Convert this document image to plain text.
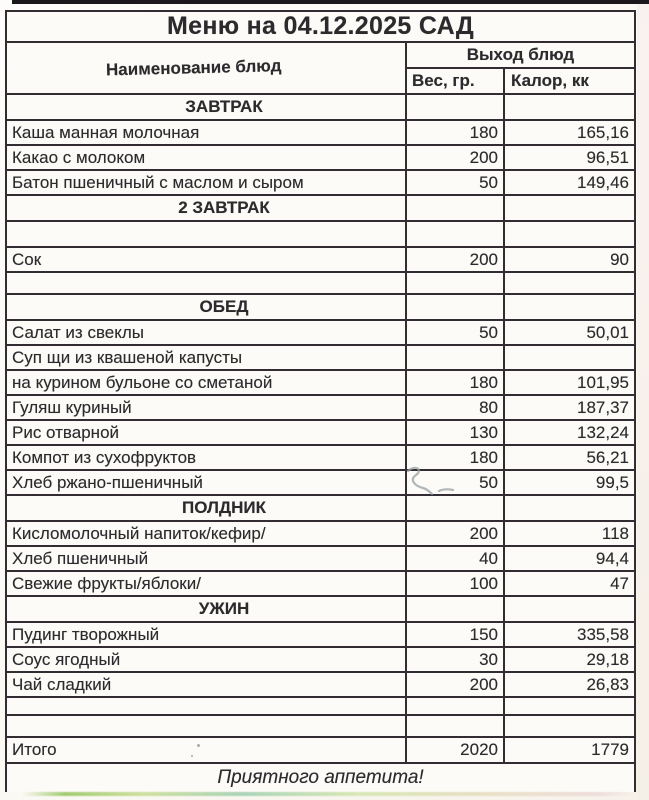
Меню на 04.12.2025 САД
Наименование блюд
Выход блюд
Вес, гр.	Калор, кк
ЗАВТРАК
Каша манная молочная	180	165,16
Какао с молоком	200	96,51
Батон пшеничный с маслом и сыром	50	149,46
2 ЗАВТРАК
Сок	200	90
ОБЕД
Салат из свеклы	50	50,01
Суп щи из квашеной капусты
на курином бульоне со сметаной	180	101,95
Гуляш куриный	80	187,37
Рис отварной	130	132,24
Компот из сухофруктов	180	56,21
Хлеб ржано-пшеничный	50	99,5
ПОЛДНИК
Кисломолочный напиток/кефир/	200	118
Хлеб пшеничный	40	94,4
Свежие фрукты/яблоки/	100	47
УЖИН
Пудинг творожный	150	335,58
Соус ягодный	30	29,18
Чай сладкий	200	26,83
Итого	2020	1779
Приятного аппетита!
